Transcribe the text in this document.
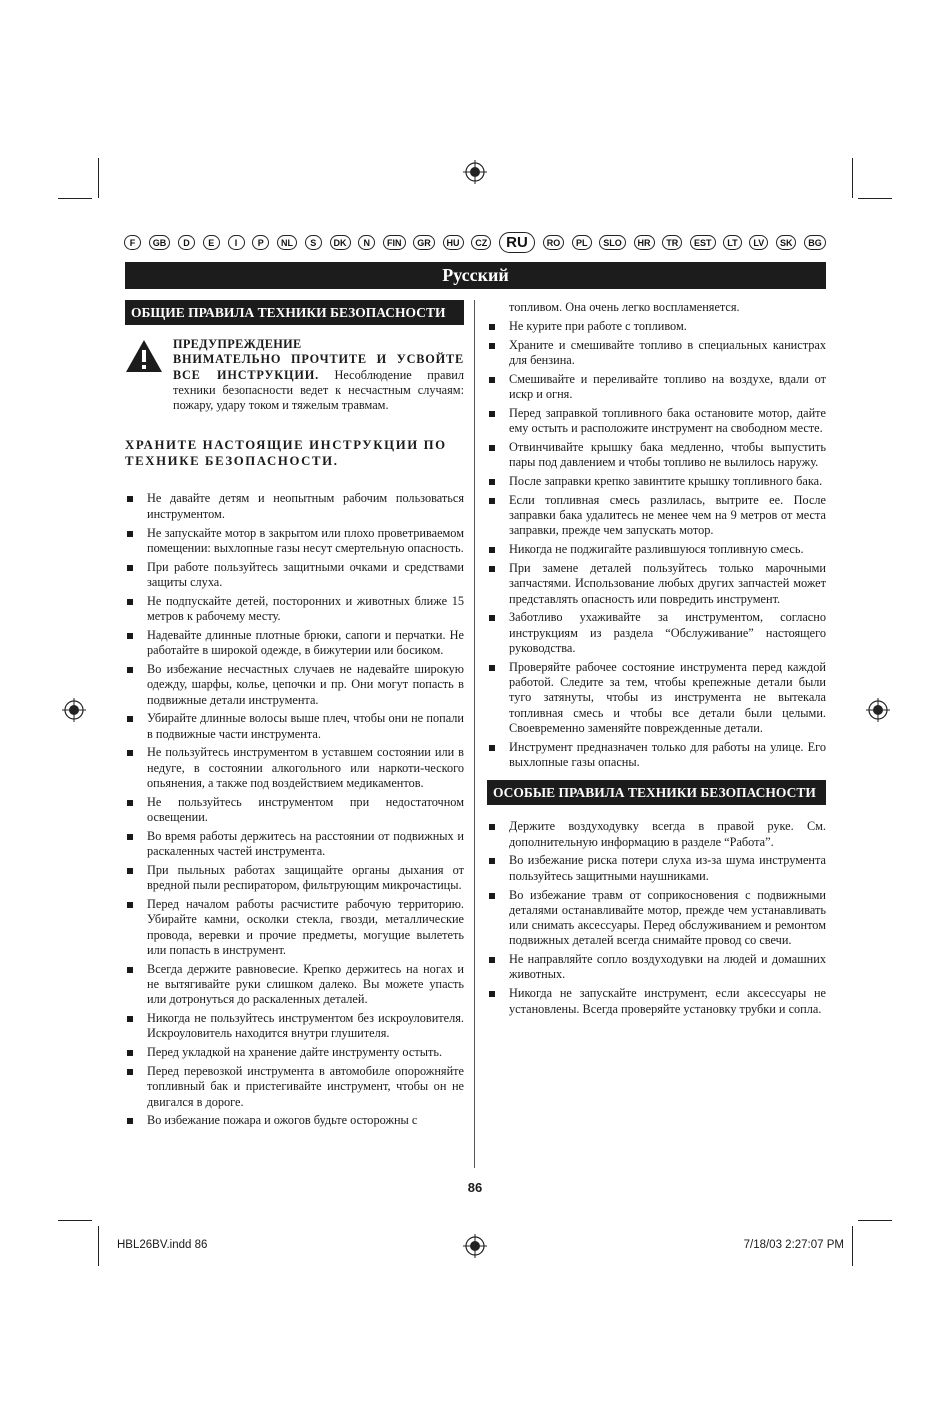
F	GB	D	E	I	P	NL	S	DK	N	FIN	GR	HU	CZ	RU	RO	PL	SLO	HR	TR	EST	LT	LV	SK	BG
Русский
ОБЩИЕ ПРАВИЛА ТЕХНИКИ БЕЗОПАСНОСТИ
ПРЕДУПРЕЖДЕНИЕ
ВНИМАТЕЛЬНО ПРОЧТИТЕ И УСВОЙТЕ ВСЕ ИНСТРУКЦИИ. Несоблюдение правил техники безопасности ведет к несчастным случаям: пожару, удару током и тяжелым травмам.
ХРАНИТЕ НАСТОЯЩИЕ ИНСТРУКЦИИ ПО ТЕХНИКЕ БЕЗОПАСНОСТИ.
Не давайте детям и неопытным рабочим пользоваться инструментом.
Не запускайте мотор в закрытом или плохо проветриваемом помещении: выхлопные газы несут смертельную опасность.
При работе пользуйтесь защитными очками и средствами защиты слуха.
Не подпускайте детей, посторонних и животных ближе 15 метров к рабочему месту.
Надевайте длинные плотные брюки, сапоги и перчатки. Не работайте в широкой одежде, в бижутерии или босиком.
Во избежание несчастных случаев не надевайте широкую одежду, шарфы, колье, цепочки и пр. Они могут попасть в подвижные детали инструмента.
Убирайте длинные волосы выше плеч, чтобы они не попали в подвижные части инструмента.
Не пользуйтесь инструментом в уставшем состоянии или в недуге, в состоянии алкогольного или наркоти-ческого опьянения, а также под воздействием медикаментов.
Не пользуйтесь инструментом при недостаточном освещении.
Во время работы держитесь на расстоянии от подвижных и раскаленных частей инструмента.
При пыльных работах защищайте органы дыхания от вредной пыли респиратором, фильтрующим микрочастицы.
Перед началом работы расчистите рабочую территорию. Убирайте камни, осколки стекла, гвозди, металлические провода, веревки и прочие предметы, могущие вылететь или попасть в инструмент.
Всегда держите равновесие. Крепко держитесь на ногах и не вытягивайте руки слишком далеко. Вы можете упасть или дотронуться до раскаленных деталей.
Никогда не пользуйтесь инструментом без искроуловителя. Искроуловитель находится внутри глушителя.
Перед укладкой на хранение дайте инструменту остыть.
Перед перевозкой инструмента в автомобиле опорожняйте топливный бак и пристегивайте инструмент, чтобы он не двигался в дороге.
Во избежание пожара и ожогов будьте осторожны с
топливом. Она очень легко воспламеняется.
Не курите при работе с топливом.
Храните и смешивайте топливо в специальных канистрах для бензина.
Смешивайте и переливайте топливо на воздухе, вдали от искр и огня.
Перед заправкой топливного бака остановите мотор, дайте ему остыть и расположите инструмент на свободном месте.
Отвинчивайте крышку бака медленно, чтобы выпустить пары под давлением и чтобы топливо не вылилось наружу.
После заправки крепко завинтите крышку топливного бака.
Если топливная смесь разлилась, вытрите ее. После заправки бака удалитесь не менее чем на 9 метров от места заправки, прежде чем запускать мотор.
Никогда не поджигайте разлившуюся топливную смесь.
При замене деталей пользуйтесь только марочными запчастями. Использование любых других запчастей может представлять опасность или повредить инструмент.
Заботливо ухаживайте за инструментом, согласно инструкциям из раздела “Обслуживание” настоящего руководства.
Проверяйте рабочее состояние инструмента перед каждой работой. Следите за тем, чтобы крепежные детали были туго затянуты, чтобы из инструмента не вытекала топливная смесь и чтобы все детали были целыми. Своевременно заменяйте поврежденные детали.
Инструмент предназначен только для работы на улице. Его выхлопные газы опасны.
ОСОБЫЕ ПРАВИЛА ТЕХНИКИ БЕЗОПАСНОСТИ
Держите воздуходувку всегда в правой руке. См. дополнительную информацию в разделе “Работа”.
Во избежание риска потери слуха из-за шума инструмента пользуйтесь защитными наушниками.
Во избежание травм от соприкосновения с подвижными деталями останавливайте мотор, прежде чем устанавливать или снимать аксессуары. Перед обслуживанием и ремонтом подвижных деталей всегда снимайте провод со свечи.
Не направляйте сопло воздуходувки на людей и домашних животных.
Никогда не запускайте инструмент, если аксессуары не установлены. Всегда проверяйте установку трубки и сопла.
86
HBL26BV.indd 86	7/18/03 2:27:07 PM
